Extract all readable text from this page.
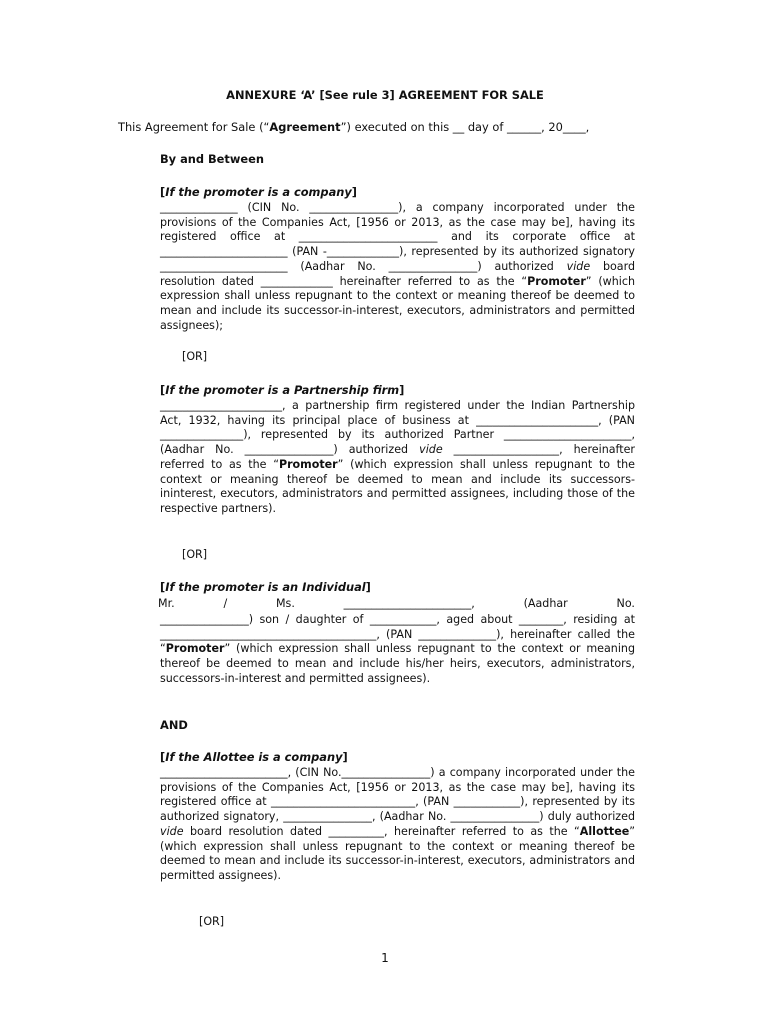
ANNEXURE ‘A’ [See rule 3] AGREEMENT FOR SALE

This Agreement for Sale (“Agreement”) executed on this __ day of ______, 20____,

By and Between

[If the promoter is a company]

______________ (CIN No. ________________), a company incorporated under the provisions of the Companies Act, [1956 or 2013, as the case may be], having its registered office at _________________________ and its corporate office at _______________________ (PAN -_____________), represented by its authorized signatory _______________________ (Aadhar No. ________________) authorized vide board resolution dated _____________ hereinafter referred to as the “Promoter” (which expression shall unless repugnant to the context or meaning thereof be deemed to mean and include its successor-in-interest, executors, administrators and permitted assignees);

[OR]

[If the promoter is a Partnership firm]

______________________, a partnership firm registered under the Indian Partnership Act, 1932, having its principal place of business at ______________________, (PAN _______________), represented by its authorized Partner _______________________, (Aadhar No. ________________) authorized vide ___________________, hereinafter referred to as the “Promoter” (which expression shall unless repugnant to the context or meaning thereof be deemed to mean and include its successors-ininterest, executors, administrators and permitted assignees, including those of the respective partners).

[OR]

[If the promoter is an Individual]

Mr.	/	Ms.	_______________________,	(Aadhar	No.

________________) son / daughter of ____________, aged about ________, residing at _______________________________________, (PAN ______________), hereinafter called the “Promoter” (which expression shall unless repugnant to the context or meaning thereof be deemed to mean and include his/her heirs, executors, administrators, successors-in-interest and permitted assignees).

AND

[If the Allottee is a company]

_______________________, (CIN No.________________) a company incorporated under the provisions of the Companies Act, [1956 or 2013, as the case may be], having its registered office at __________________________, (PAN ____________), represented by its authorized signatory, ________________, (Aadhar No. ________________) duly authorized vide board resolution dated __________, hereinafter referred to as the “Allottee” (which expression shall unless repugnant to the context or meaning thereof be deemed to mean and include its successor-in-interest, executors, administrators and permitted assignees).

[OR]

1
